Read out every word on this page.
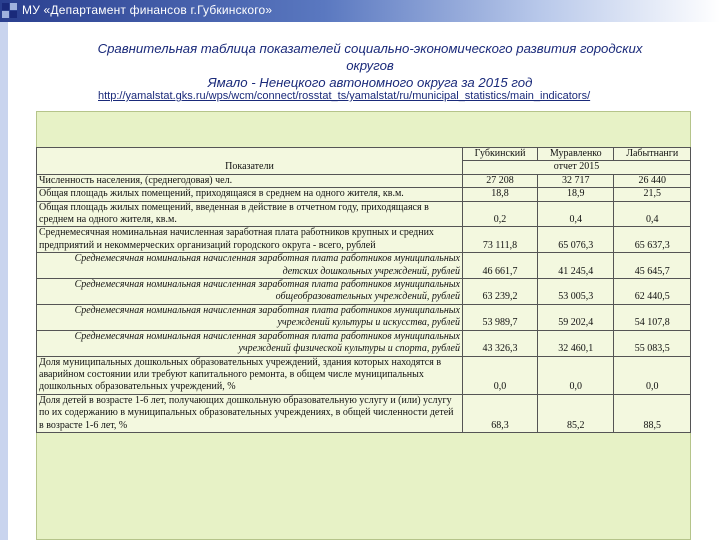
МУ «Департамент финансов г.Губкинского»
Сравнительная таблица показателей социально-экономического развития городских
округов
Ямало - Ненецкого автономного округа за 2015 год
http://yamalstat.gks.ru/wps/wcm/connect/rosstat_ts/yamalstat/ru/municipal_statistics/main_indicators/
Показатели	Губкинский	Муравленко	Лабытнанги
	отчет 2015		
Численность населения, (среднегодовая) чел.	27 208	32 717	26 440
Общая площадь жилых помещений, приходящаяся в среднем на одного жителя, кв.м.	18,8	18,9	21,5
Общая площадь жилых помещений, введенная в действие в отчетном году, приходящаяся в среднем на одного жителя, кв.м.	0,2	0,4	0,4
Среднемесячная номинальная начисленная заработная плата работников крупных и средних предприятий и некоммерческих организаций городского округа - всего, рублей	73 111,8	65 076,3	65 637,3
Среднемесячная номинальная начисленная заработная плата работников муниципальных детских дошкольных учреждений, рублей	46 661,7	41 245,4	45 645,7
Среднемесячная номинальная начисленная заработная плата работников муниципальных общеобразовательных учреждений, рублей	63 239,2	53 005,3	62 440,5
Среднемесячная номинальная начисленная заработная плата работников муниципальных учреждений культуры и искусства, рублей	53 989,7	59 202,4	54 107,8
Среднемесячная номинальная начисленная заработная плата работников муниципальных учреждений физической культуры и спорта, рублей	43 326,3	32 460,1	55 083,5
Доля муниципальных дошкольных образовательных учреждений, здания которых находятся в аварийном состоянии или требуют капитального ремонта, в общем числе муниципальных дошкольных образовательных учреждений, %	0,0	0,0	0,0
Доля детей в возрасте 1-6 лет, получающих дошкольную образовательную услугу и (или) услугу по их содержанию в муниципальных образовательных учреждениях, в общей численности детей в возрасте 1-6 лет, %	68,3	85,2	88,5
